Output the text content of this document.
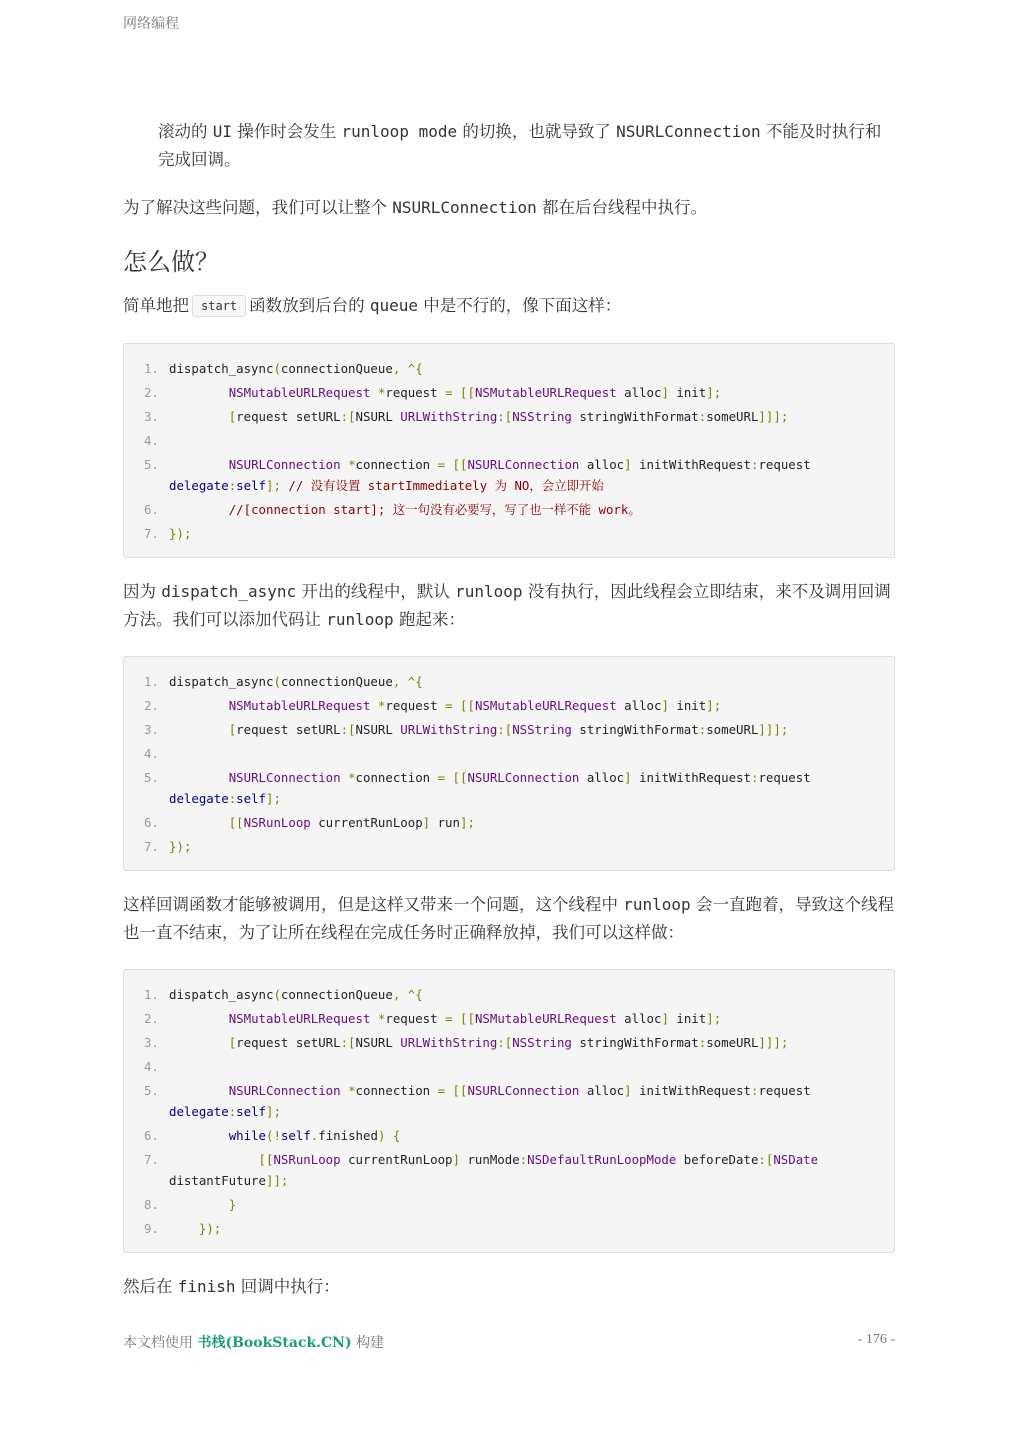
网络编程

滚动的 UI 操作时会发生 runloop mode 的切换，也就导致了 NSURLConnection 不能及时执行和完成回调。

为了解决这些问题，我们可以让整个 NSURLConnection 都在后台线程中执行。

怎么做？

简单地把 start 函数放到后台的 queue 中是不行的，像下面这样：

1. dispatch_async(connectionQueue, ^{
2.	NSMutableURLRequest *request = [[NSMutableURLRequest alloc] init];
3.	[request setURL:[NSURL URLWithString:[NSString stringWithFormat:someURL]]];
4.
5.	NSURLConnection *connection = [[NSURLConnection alloc] initWithRequest:request delegate:self]; // 没有设置 startImmediately 为 NO，会立即开始
6.	//[connection start]; 这一句没有必要写，写了也一样不能 work。
7. });

因为 dispatch_async 开出的线程中，默认 runloop 没有执行，因此线程会立即结束，来不及调用回调方法。我们可以添加代码让 runloop 跑起来：

1. dispatch_async(connectionQueue, ^{
2.	NSMutableURLRequest *request = [[NSMutableURLRequest alloc] init];
3.	[request setURL:[NSURL URLWithString:[NSString stringWithFormat:someURL]]];
4.
5.	NSURLConnection *connection = [[NSURLConnection alloc] initWithRequest:request delegate:self];
6.	[[NSRunLoop currentRunLoop] run];
7. });

这样回调函数才能够被调用，但是这样又带来一个问题，这个线程中 runloop 会一直跑着，导致这个线程也一直不结束，为了让所在线程在完成任务时正确释放掉，我们可以这样做：

1. dispatch_async(connectionQueue, ^{
2.	NSMutableURLRequest *request = [[NSMutableURLRequest alloc] init];
3.	[request setURL:[NSURL URLWithString:[NSString stringWithFormat:someURL]]];
4.
5.	NSURLConnection *connection = [[NSURLConnection alloc] initWithRequest:request delegate:self];
6.	while(!self.finished) {
7.	[[NSRunLoop currentRunLoop] runMode:NSDefaultRunLoopMode beforeDate:[NSDate distantFuture]];
8.	}
9.	});

然后在 finish 回调中执行：

本文档使用 书栈(BookStack.CN) 构建	- 176 -
